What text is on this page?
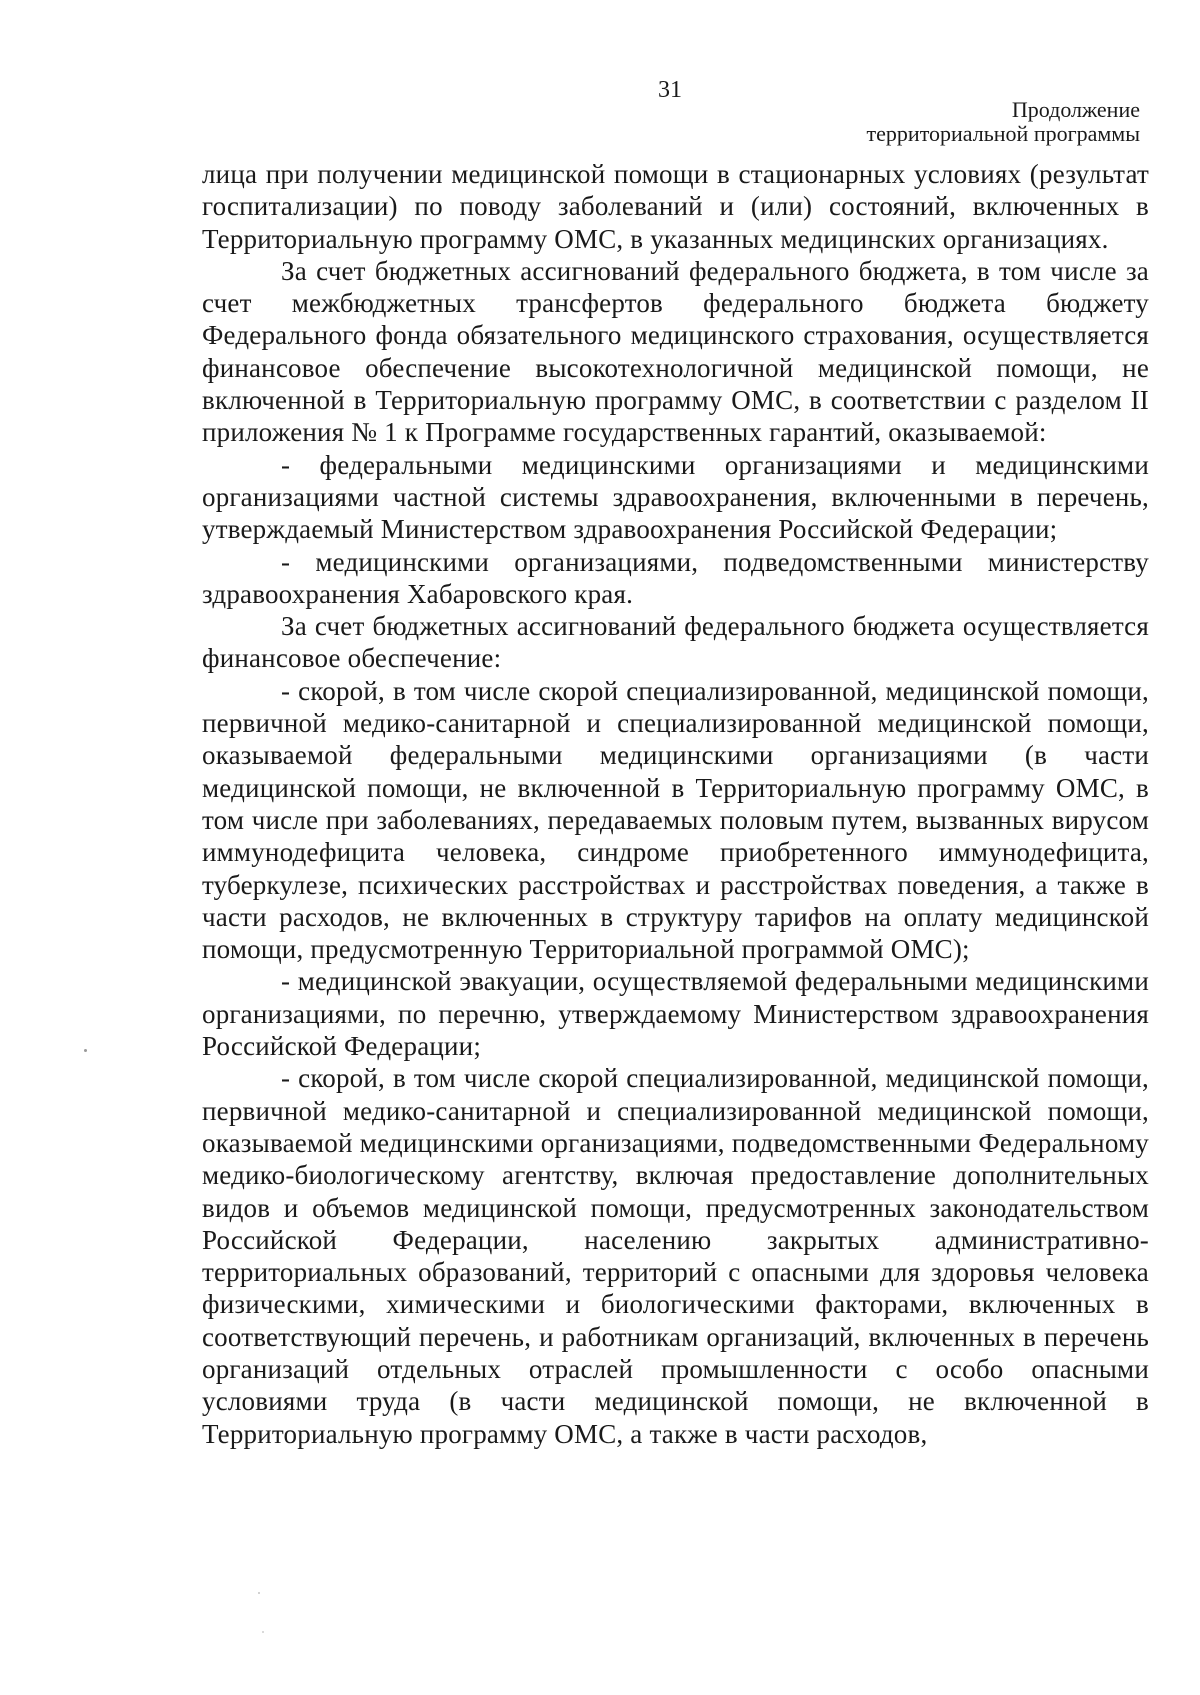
31
Продолжение
территориальной программы

лица при получении медицинской помощи в стационарных условиях (результат госпитализации) по поводу заболеваний и (или) состояний, включенных в Территориальную программу ОМС, в указанных медицинских организациях.

За счет бюджетных ассигнований федерального бюджета, в том числе за счет межбюджетных трансфертов федерального бюджета бюджету Федерального фонда обязательного медицинского страхования, осуществляется финансовое обеспечение высокотехнологичной медицинской помощи, не включенной в Территориальную программу ОМС, в соответствии с разделом II приложения № 1 к Программе государственных гарантий, оказываемой:

- федеральными медицинскими организациями и медицинскими организациями частной системы здравоохранения, включенными в перечень, утверждаемый Министерством здравоохранения Российской Федерации;

- медицинскими организациями, подведомственными министерству здравоохранения Хабаровского края.

За счет бюджетных ассигнований федерального бюджета осуществляется финансовое обеспечение:

- скорой, в том числе скорой специализированной, медицинской помощи, первичной медико-санитарной и специализированной медицинской помощи, оказываемой федеральными медицинскими организациями (в части медицинской помощи, не включенной в Территориальную программу ОМС, в том числе при заболеваниях, передаваемых половым путем, вызванных вирусом иммунодефицита человека, синдроме приобретенного иммунодефицита, туберкулезе, психических расстройствах и расстройствах поведения, а также в части расходов, не включенных в структуру тарифов на оплату медицинской помощи, предусмотренную Территориальной программой ОМС);

- медицинской эвакуации, осуществляемой федеральными медицинскими организациями, по перечню, утверждаемому Министерством здравоохранения Российской Федерации;

- скорой, в том числе скорой специализированной, медицинской помощи, первичной медико-санитарной и специализированной медицинской помощи, оказываемой медицинскими организациями, подведомственными Федеральному медико-биологическому агентству, включая предоставление дополнительных видов и объемов медицинской помощи, предусмотренных законодательством Российской Федерации, населению закрытых административно-территориальных образований, территорий с опасными для здоровья человека физическими, химическими и биологическими факторами, включенных в соответствующий перечень, и работникам организаций, включенных в перечень организаций отдельных отраслей промышленности с особо опасными условиями труда (в части медицинской помощи, не включенной в Территориальную программу ОМС, а также в части расходов,
